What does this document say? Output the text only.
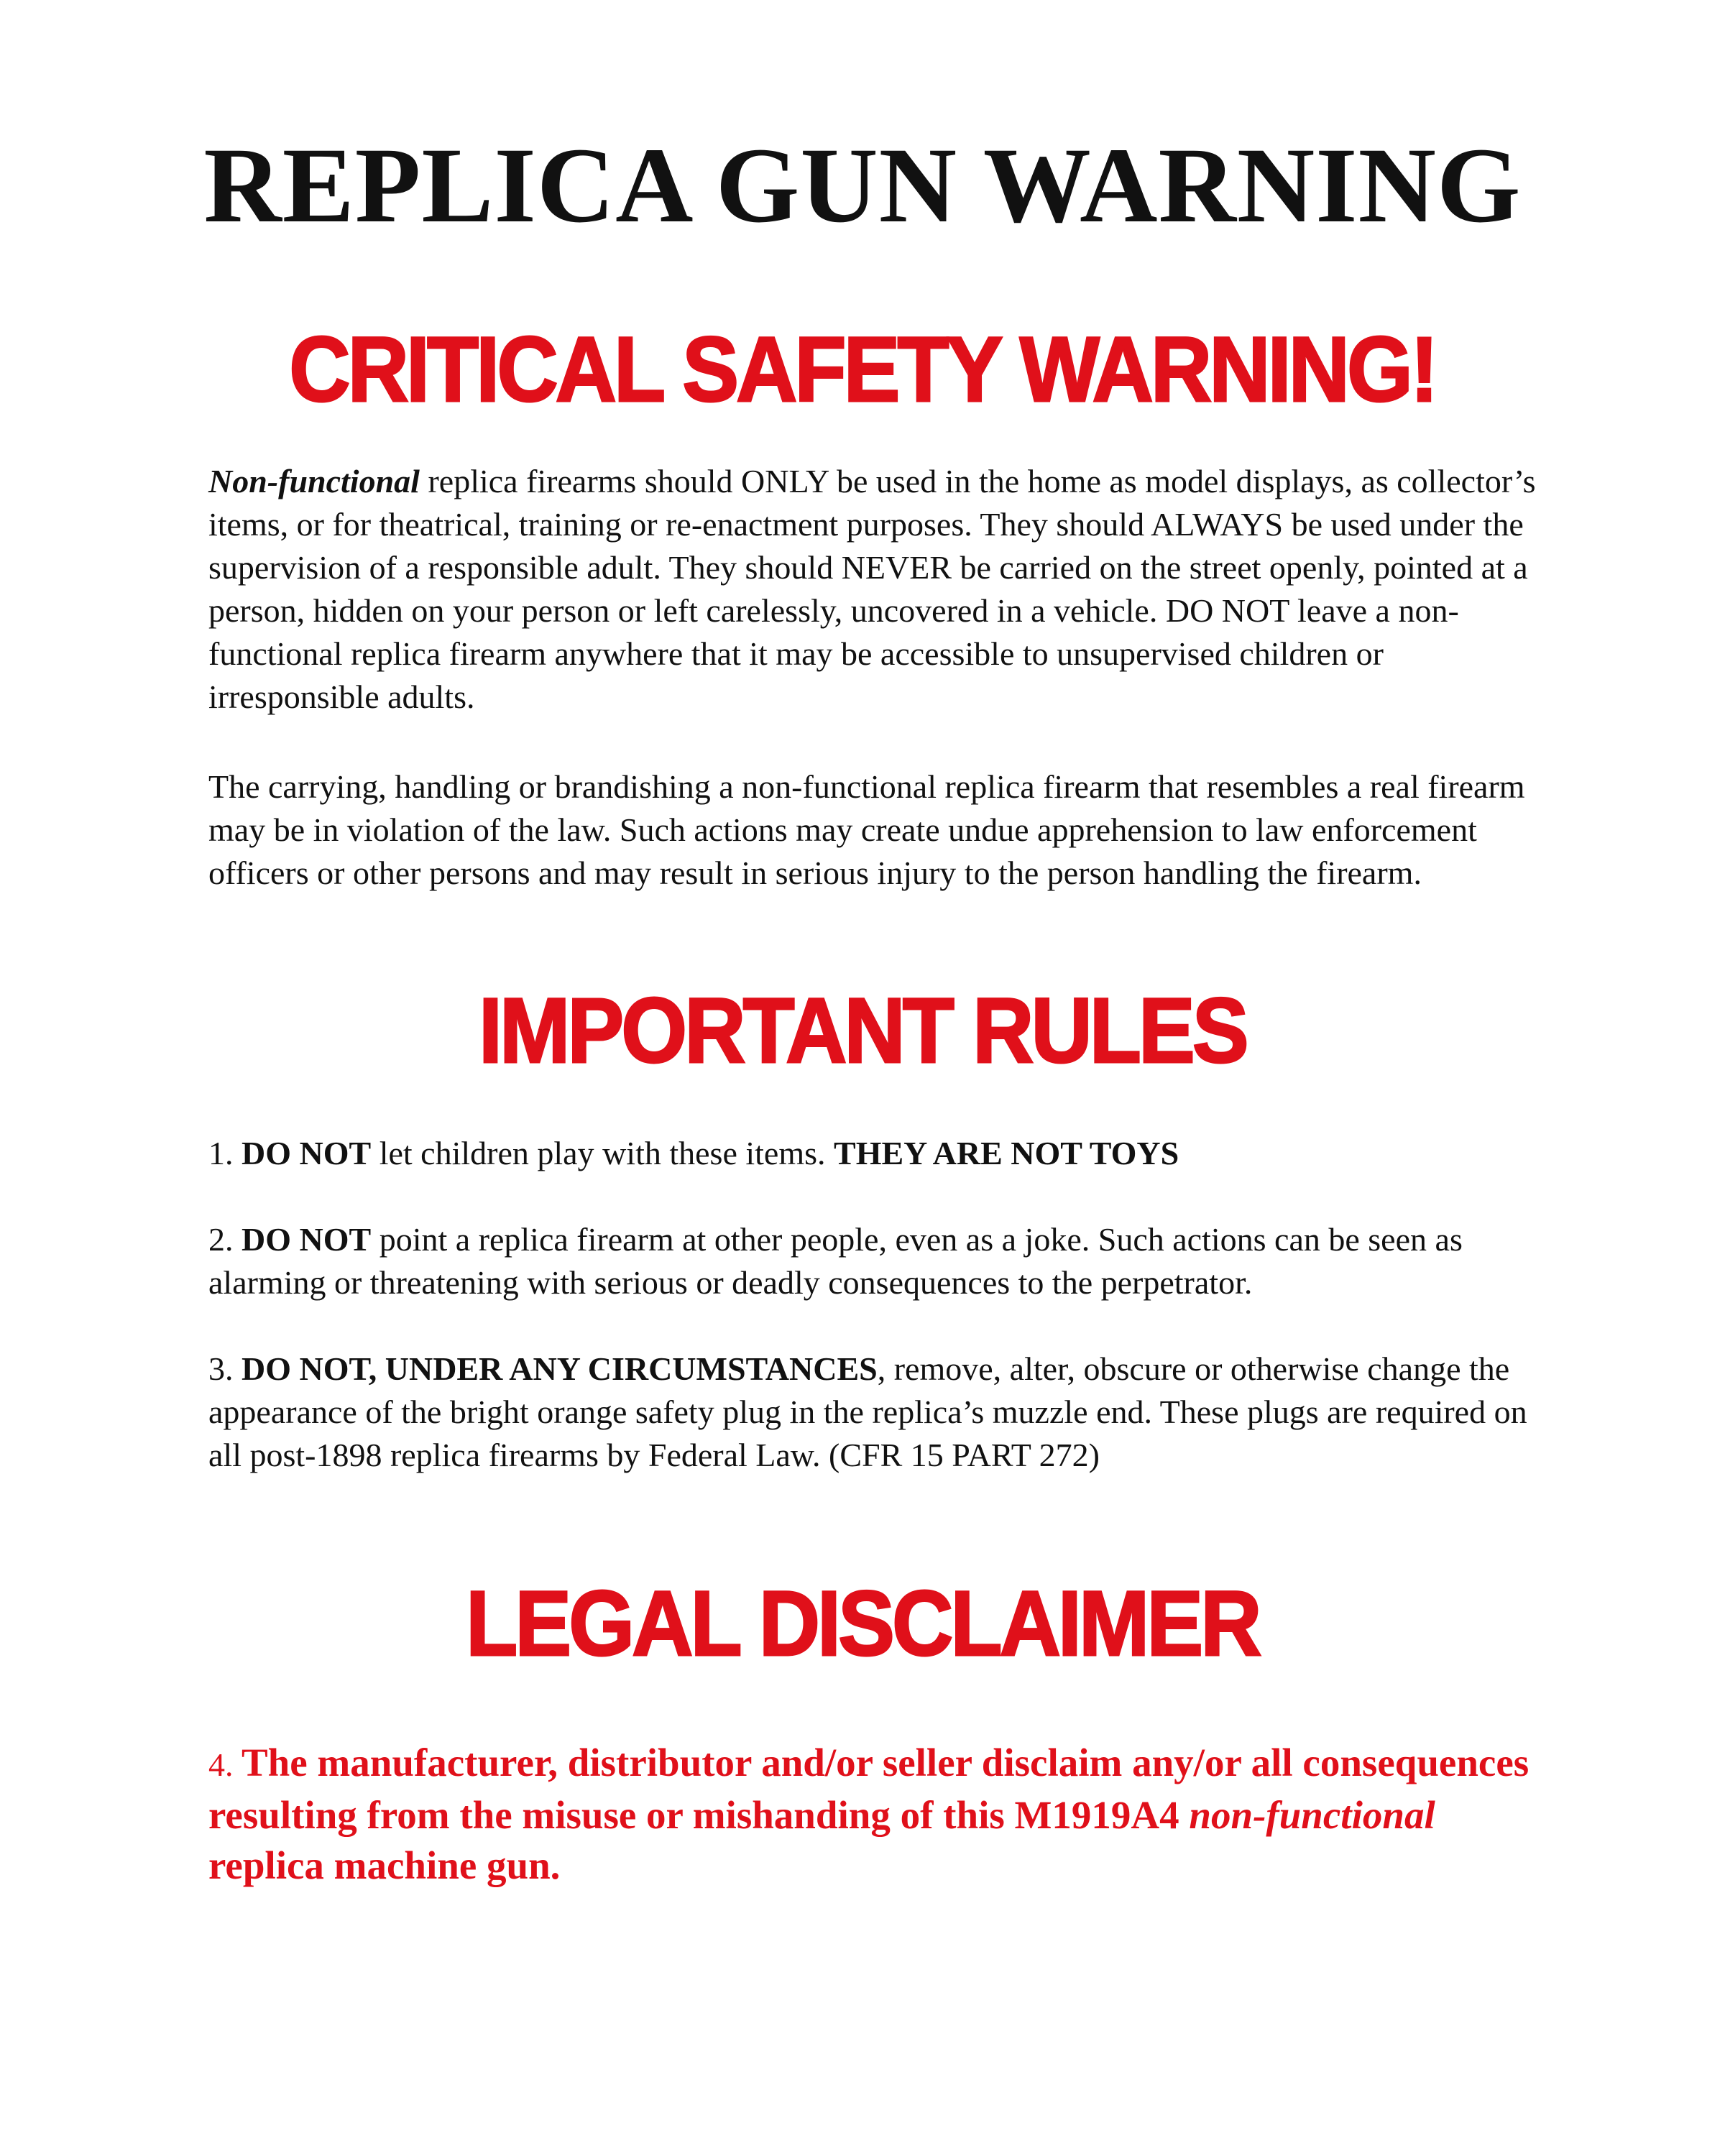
REPLICA GUN WARNING
CRITICAL SAFETY WARNING!

Non-functional replica firearms should ONLY be used in the home as model displays, as collector’s items, or for theatrical, training or re-enactment purposes. They should ALWAYS be used under the supervision of a responsible adult. They should NEVER be carried on the street openly, pointed at a person, hidden on your person or left carelessly, uncovered in a vehicle. DO NOT leave a non-functional replica firearm anywhere that it may be accessible to unsupervised children or irresponsible adults.

The carrying, handling or brandishing a non-functional replica firearm that resembles a real firearm may be in violation of the law. Such actions may create undue apprehension to law enforcement officers or other persons and may result in serious injury to the person handling the firearm.

IMPORTANT RULES

1. DO NOT let children play with these items. THEY ARE NOT TOYS

2. DO NOT point a replica firearm at other people, even as a joke. Such actions can be seen as alarming or threatening with serious or deadly consequences to the perpetrator.

3. DO NOT, UNDER ANY CIRCUMSTANCES, remove, alter, obscure or otherwise change the appearance of the bright orange safety plug in the replica’s muzzle end. These plugs are required on all post-1898 replica firearms by Federal Law. (CFR 15 PART 272)

LEGAL DISCLAIMER

4. The manufacturer, distributor and/or seller disclaim any/or all consequences resulting from the misuse or mishanding of this M1919A4 non-functional replica machine gun.
